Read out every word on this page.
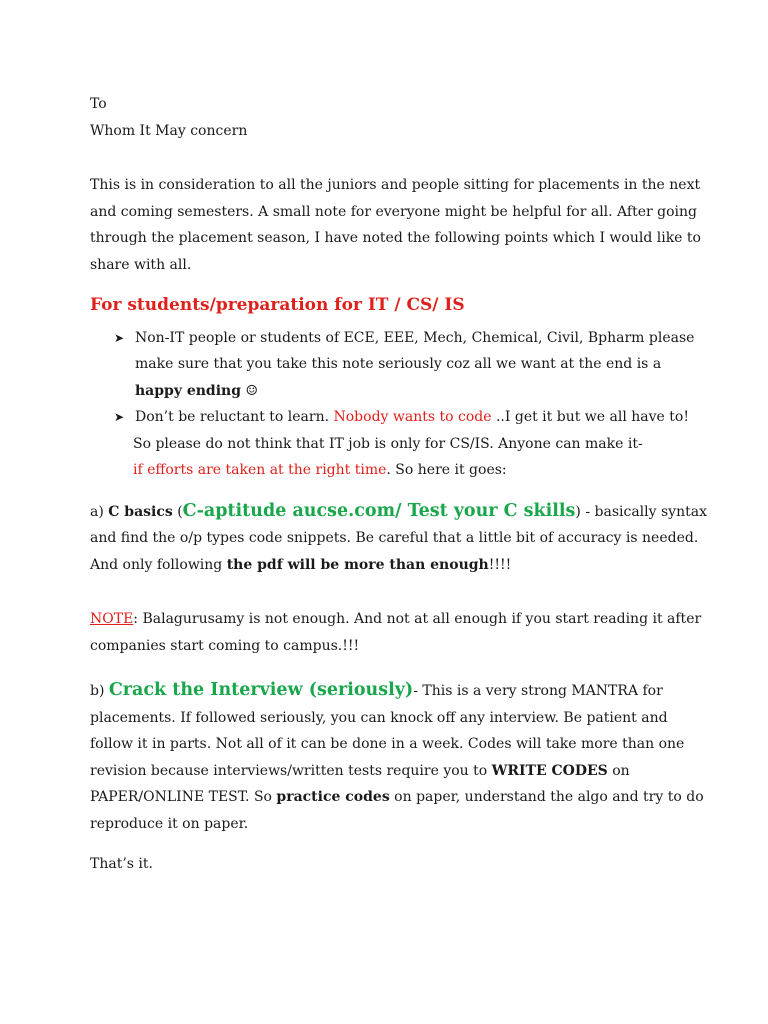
To

Whom It May concern

This is in consideration to all the juniors and people sitting for placements in the next and coming semesters. A small note for everyone might be helpful for all. After going through the placement season, I have noted the following points which I would like to share with all.

For students/preparation for IT / CS/ IS

➤ Non-IT people or students of ECE, EEE, Mech, Chemical, Civil, Bpharm please make sure that you take this note seriously coz all we want at the end is a happy ending ☺
➤ Don’t be reluctant to learn. Nobody wants to code ..I get it but we all have to!

So please do not think that IT job is only for CS/IS. Anyone can make it-

if efforts are taken at the right time. So here it goes:

a) C basics (C-aptitude aucse.com/ Test your C skills) - basically syntax and find the o/p types code snippets. Be careful that a little bit of accuracy is needed. And only following the pdf will be more than enough!!!!

NOTE: Balagurusamy is not enough. And not at all enough if you start reading it after companies start coming to campus.!!!

b) Crack the Interview (seriously)- This is a very strong MANTRA for placements. If followed seriously, you can knock off any interview. Be patient and follow it in parts. Not all of it can be done in a week. Codes will take more than one revision because interviews/written tests require you to WRITE CODES on PAPER/ONLINE TEST. So practice codes on paper, understand the algo and try to do reproduce it on paper.

That’s it.
